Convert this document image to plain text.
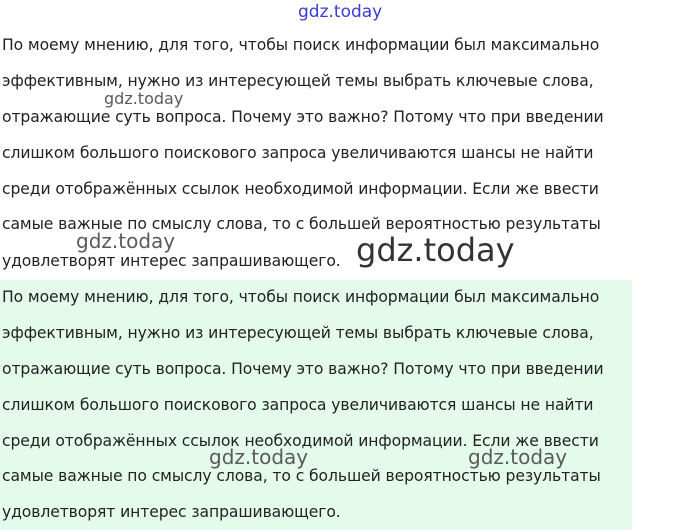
gdz.today
По моему мнению, для того, чтобы поиск информации был максимально
эффективным, нужно из интересующей темы выбрать ключевые слова,
отражающие суть вопроса. Почему это важно? Потому что при введении
слишком большого поискового запроса увеличиваются шансы не найти
среди отображённых ссылок необходимой информации. Если же ввести
самые важные по смыслу слова, то с большей вероятностью результаты
удовлетворят интерес запрашивающего.
По моему мнению, для того, чтобы поиск информации был максимально
эффективным, нужно из интересующей темы выбрать ключевые слова,
отражающие суть вопроса. Почему это важно? Потому что при введении
слишком большого поискового запроса увеличиваются шансы не найти
среди отображённых ссылок необходимой информации. Если же ввести
самые важные по смыслу слова, то с большей вероятностью результаты
удовлетворят интерес запрашивающего.
gdz.today
gdz.today	gdz.today
gdz.today	gdz.today
